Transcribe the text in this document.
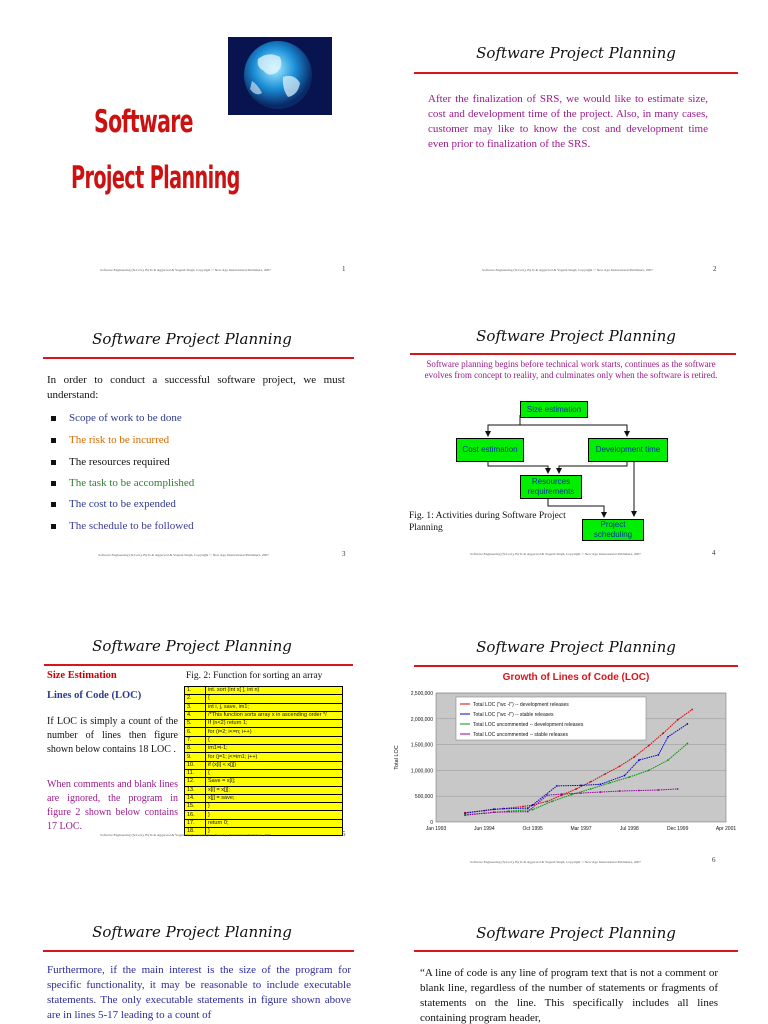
Software
Project Planning
Software Engineering (3rd ed.), By K.K Aggarwal & Yogesh Singh, Copyright © New Age International Publishers, 2007	1
Software Project Planning
After the finalization of SRS, we would like to estimate size, cost and development time of the project. Also, in many cases, customer may like to know the cost and development time even prior to finalization of the SRS.
Software Engineering (3rd ed.), By K.K Aggarwal & Yogesh Singh, Copyright © New Age International Publishers, 2007	2
Software Project Planning
In order to conduct a successful software project, we must understand:
Scope of work to be done
The risk to be incurred
The resources required
The task to be accomplished
The cost to be expended
The schedule to be followed
Software Engineering (3rd ed.), By K.K Aggarwal & Yogesh Singh, Copyright © New Age International Publishers, 2007	3
Software Project Planning
Software planning begins before technical work starts, continues as the software evolves from concept to reality, and culminates only when the software is retired.
Size estimation
Cost estimation	Development time
Resources requirements
Project scheduling
Fig. 1: Activities during Software Project Planning
Software Engineering (3rd ed.), By K.K Aggarwal & Yogesh Singh, Copyright © New Age International Publishers, 2007	4
Software Project Planning
Size Estimation
Lines of Code (LOC)
Fig. 2: Function for sorting an array
If LOC is simply a count of the number of lines then figure shown below contains 18 LOC .
When comments and blank lines are ignored, the program in figure 2 shown below contains 17 LOC.
1.	int. sort (int x[ ], int n)
2.	{
3.	int i, j, save, im1;
4.	/*This function sorts array x in ascending order */
5.	If (n<2) return 1;
6.	for (i=2; i<=n; i++)
7.	{
8.	im1=i-1;
9.	for (j=1; j<=im1; j++)
10.	if (x[i] < x[j])
11.	{
12.	Save = x[i];
13.	x[i] = x[j];
14.	x[j] = save;
15.	}
16.	}
17.	return 0;
18.	}
Software Engineering (3rd ed.), By K.K Aggarwal & Yogesh Singh, Copyright © New Age International Publishers, 2007	5
Software Project Planning
Growth of Lines of Code (LOC)
0
500,000
1,000,000
1,500,000
2,000,000
2,500,000
Jan 1993	Jun 1994	Oct 1995	Mar 1997	Jul 1998	Dec 1999	Apr 2001
Total LOC
Total LOC ("wc -l") -- development releases
Total LOC ("wc -l") -- stable releases
Total LOC uncommented -- development releases
Total LOC uncommented -- stable releases
Software Engineering (3rd ed.), By K.K Aggarwal & Yogesh Singh, Copyright © New Age International Publishers, 2007	6
Software Project Planning
Furthermore, if the main interest is the size of the program for specific functionality, it may be reasonable to include executable statements. The only executable statements in figure shown above are in lines 5-17 leading to a count of
Software Project Planning
“A line of code is any line of program text that is not a comment or blank line, regardless of the number of statements or fragments of statements on the line. This specifically includes all lines containing program header,
